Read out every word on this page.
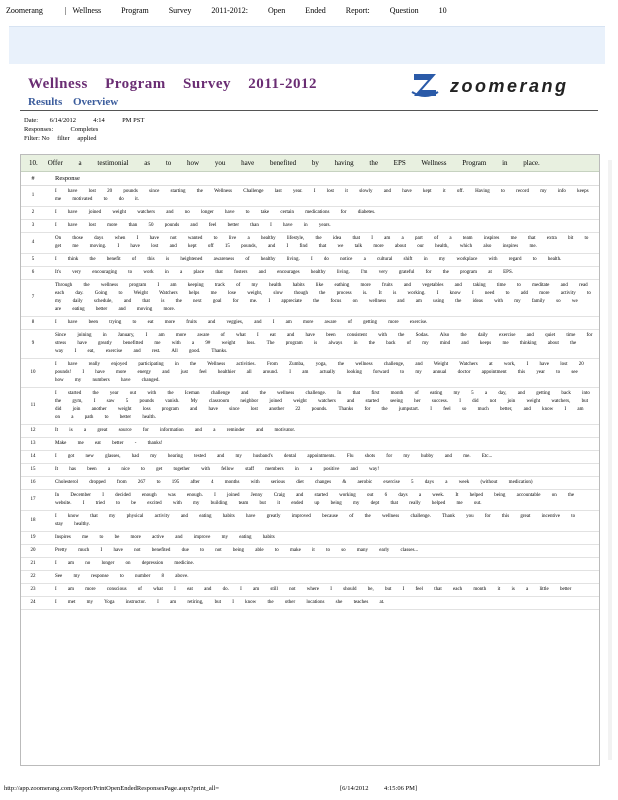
Zoomerang	| Wellness Program Survey 2011-2012: Open Ended Report: Question 10
Wellness Program Survey 2011-2012
Results Overview
zoomerang
Date: 6/14/2012	4:14	PM PST
Responses:	Completes
Filter: No filter applied
10. Offer a testimonial as to how you have benefited by having the EPS Wellness Program in place.
#	Response
1
I have lost 20 pounds since starting the Wellness Challenge last year. I lost it slowly and have kept it off. Having to record my info keeps me motivated to do it.
2	I have joined weight watchers and no longer have to take certain medications for diabetes.
3	I have lost more than 50 pounds and feel better than I have in years.
4
On those days when I have not wanted to live a healthy lifestyle, the idea that I am a part of a team inspires me that extra bit to get me moving. I have lost and kept off 15 pounds, and I find that we talk more about our health, which also inspires me.
5	I think the benefit of this is heightened awareness of healthy living. I do notice a cultural shift in my workplace with regard to health.
6	It's very encouraging to work in a place that fosters and encourages healthy living. I'm very grateful for the program at EPS.
7
Through the wellness program I am keeping track of my health habits like eathing more fruits and vegetables and taking time to meditate and read each day. Going to Weight Watchers helps me lose weight, slow though the process is. It is working. I know I need to add more activity to my daily schedule, and that is the next goal for me. I appreciate the focus on wellness and am using the ideas with my family so we are eating better and moving more.
8	I have been trying to eat more fruits and veggies, and I am more aware of getting more exercise.
9
Since joining in January, I am more aware of what I eat and have been consistent with the Sodas. Also the daily exercise and quiet time for stress have greatly benefitted me with a 9# weight loss. The program is always in the back of my mind and keeps me thinking about the way I eat, exercise and rest. All good. Thanks.
10
I have really enjoyed participating in the Wellness activities. From Zumba, yoga, the wellness challenge, and Weight Watchers at work, I have lost 20 pounds! I have more energy and just feel healthier all around. I am actually looking forward to my annual doctor appointment this year to see how my numbers have changed.
11
I started the year out with the Iceman challenge and the wellness challenge. In that first month of eating my 5 a day, and getting back into the gym, I saw 5 pounds vanish. My classroom neighbor joined weight watchers and started seeing her success. I did not join weight watchers, but did join another weight loss program and have since lost another 22 pounds. Thanks for the jumpstart. I feel so much better, and know I am on a path to better health.
12	It is a great source for information and a reminder and motivator.
13	Make me eat better - thanks!
14	I got new glasses, had my hearing tested and my husband's dental appointments. Flu shots for my hubby and me. Etc...
15	It has been a nice to get together with fellow staff members in a positive and way!
16	Cholesterol dropped from 267 to 195 after 4 months with serious diet changes & aerobic exercise 5 days a week (without medication)
17
In December I decided enough was enough. I joined Jenny Craig and started working out 6 days a week. It helped being accountable on the website. I tried to be excited with my building team but it ended up being my dept that really helped me out.
18
I know that my physical activity and eating habits have greatly improved because of the wellness challenge. Thank you for this great incentive to stay healthy.
19	Inspires me to be more active and improve my eating habits
20	Pretty much I have not benefited due to not being able to make it to so many early classes...
21	I am no longer on depression medicine.
22	See my response to number 8 above.
23	I am more conscious of what I eat and do. I am still not where I should be, but I feel that each month it is a little better
24	I met my Yoga instructor. I am retiring, but I know the other locations she teaches at.
http://app.zoomerang.com/Report/PrintOpenEndedResponsesPage.aspx?print_all=	[6/14/2012 4:15:06 PM]
